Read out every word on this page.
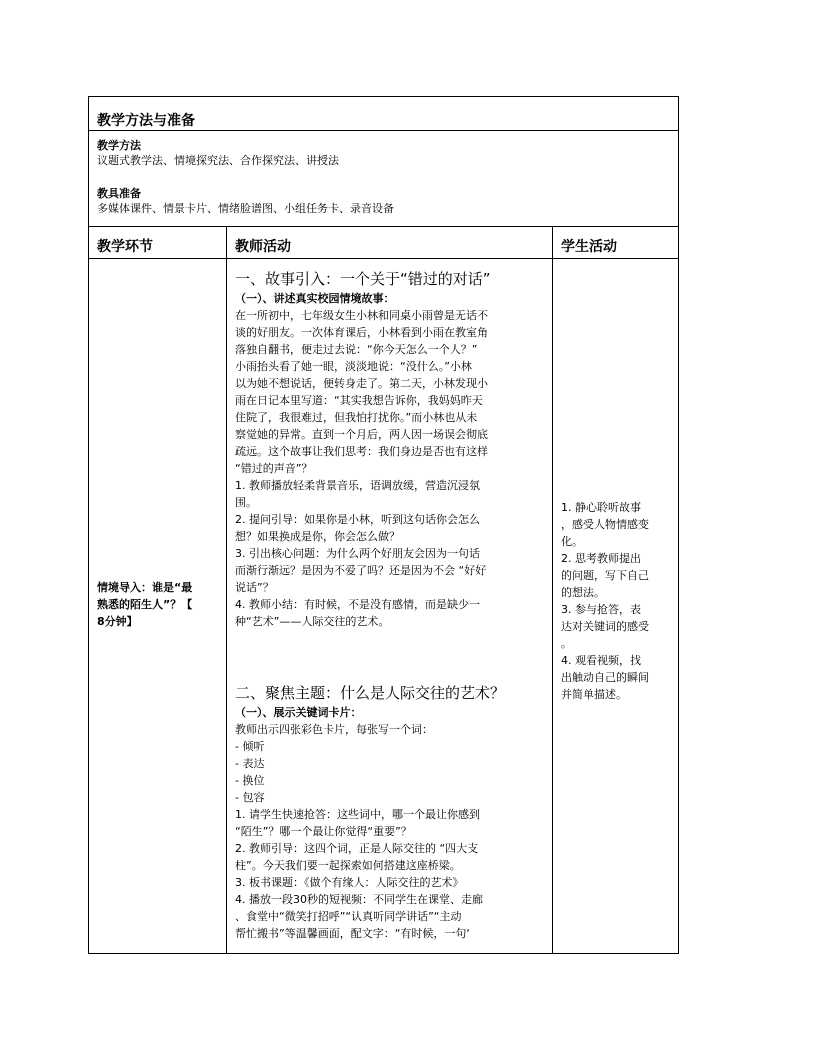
教学方法与准备
教学方法
议题式教学法、情境探究法、合作探究法、讲授法
教具准备
多媒体课件、情景卡片、情绪脸谱图、小组任务卡、录音设备
教学环节	教师活动	学生活动

情境导入：谁是“最

熟悉的陌生人”？【

8分钟】

一、故事引入：一个关于“错过的对话”

（一）、讲述真实校园情境故事：

在一所初中，七年级女生小林和同桌小雨曾是无话不

谈的好朋友。一次体育课后，小林看到小雨在教室角

落独自翻书，便走过去说：“你今天怎么一个人？”

小雨抬头看了她一眼，淡淡地说：“没什么。”小林

以为她不想说话，便转身走了。第二天，小林发现小

雨在日记本里写道：“其实我想告诉你，我妈妈昨天

住院了，我很难过，但我怕打扰你。”而小林也从未

察觉她的异常。直到一个月后，两人因一场误会彻底

疏远。这个故事让我们思考：我们身边是否也有这样

“错过的声音”？

1. 教师播放轻柔背景音乐，语调放缓，营造沉浸氛

围。

2. 提问引导：如果你是小林，听到这句话你会怎么

想？如果换成是你，你会怎么做？

3. 引出核心问题：为什么两个好朋友会因为一句话

而渐行渐远？是因为不爱了吗？还是因为不会 “好好

说话”？

4. 教师小结：有时候，不是没有感情，而是缺少一

种“艺术”——人际交往的艺术。

二、聚焦主题：什么是人际交往的艺术？

（一）、展示关键词卡片：

教师出示四张彩色卡片，每张写一个词：

- 倾听

- 表达

- 换位

- 包容

1. 请学生快速抢答：这些词中，哪一个最让你感到

“陌生”？哪一个最让你觉得“重要”？

2. 教师引导：这四个词，正是人际交往的 “四大支

柱”。今天我们要一起探索如何搭建这座桥梁。

3. 板书课题：《做个有缘人：人际交往的艺术》

4. 播放一段30秒的短视频：不同学生在课堂、走廊

、食堂中“微笑打招呼”“认真听同学讲话”“主动

帮忙搬书”等温馨画面，配文字：“有时候，一句‘

1. 静心聆听故事

，感受人物情感变

化。

2. 思考教师提出

的问题，写下自己

的想法。

3. 参与抢答，表

达对关键词的感受

。

4. 观看视频，找

出触动自己的瞬间

并简单描述。
